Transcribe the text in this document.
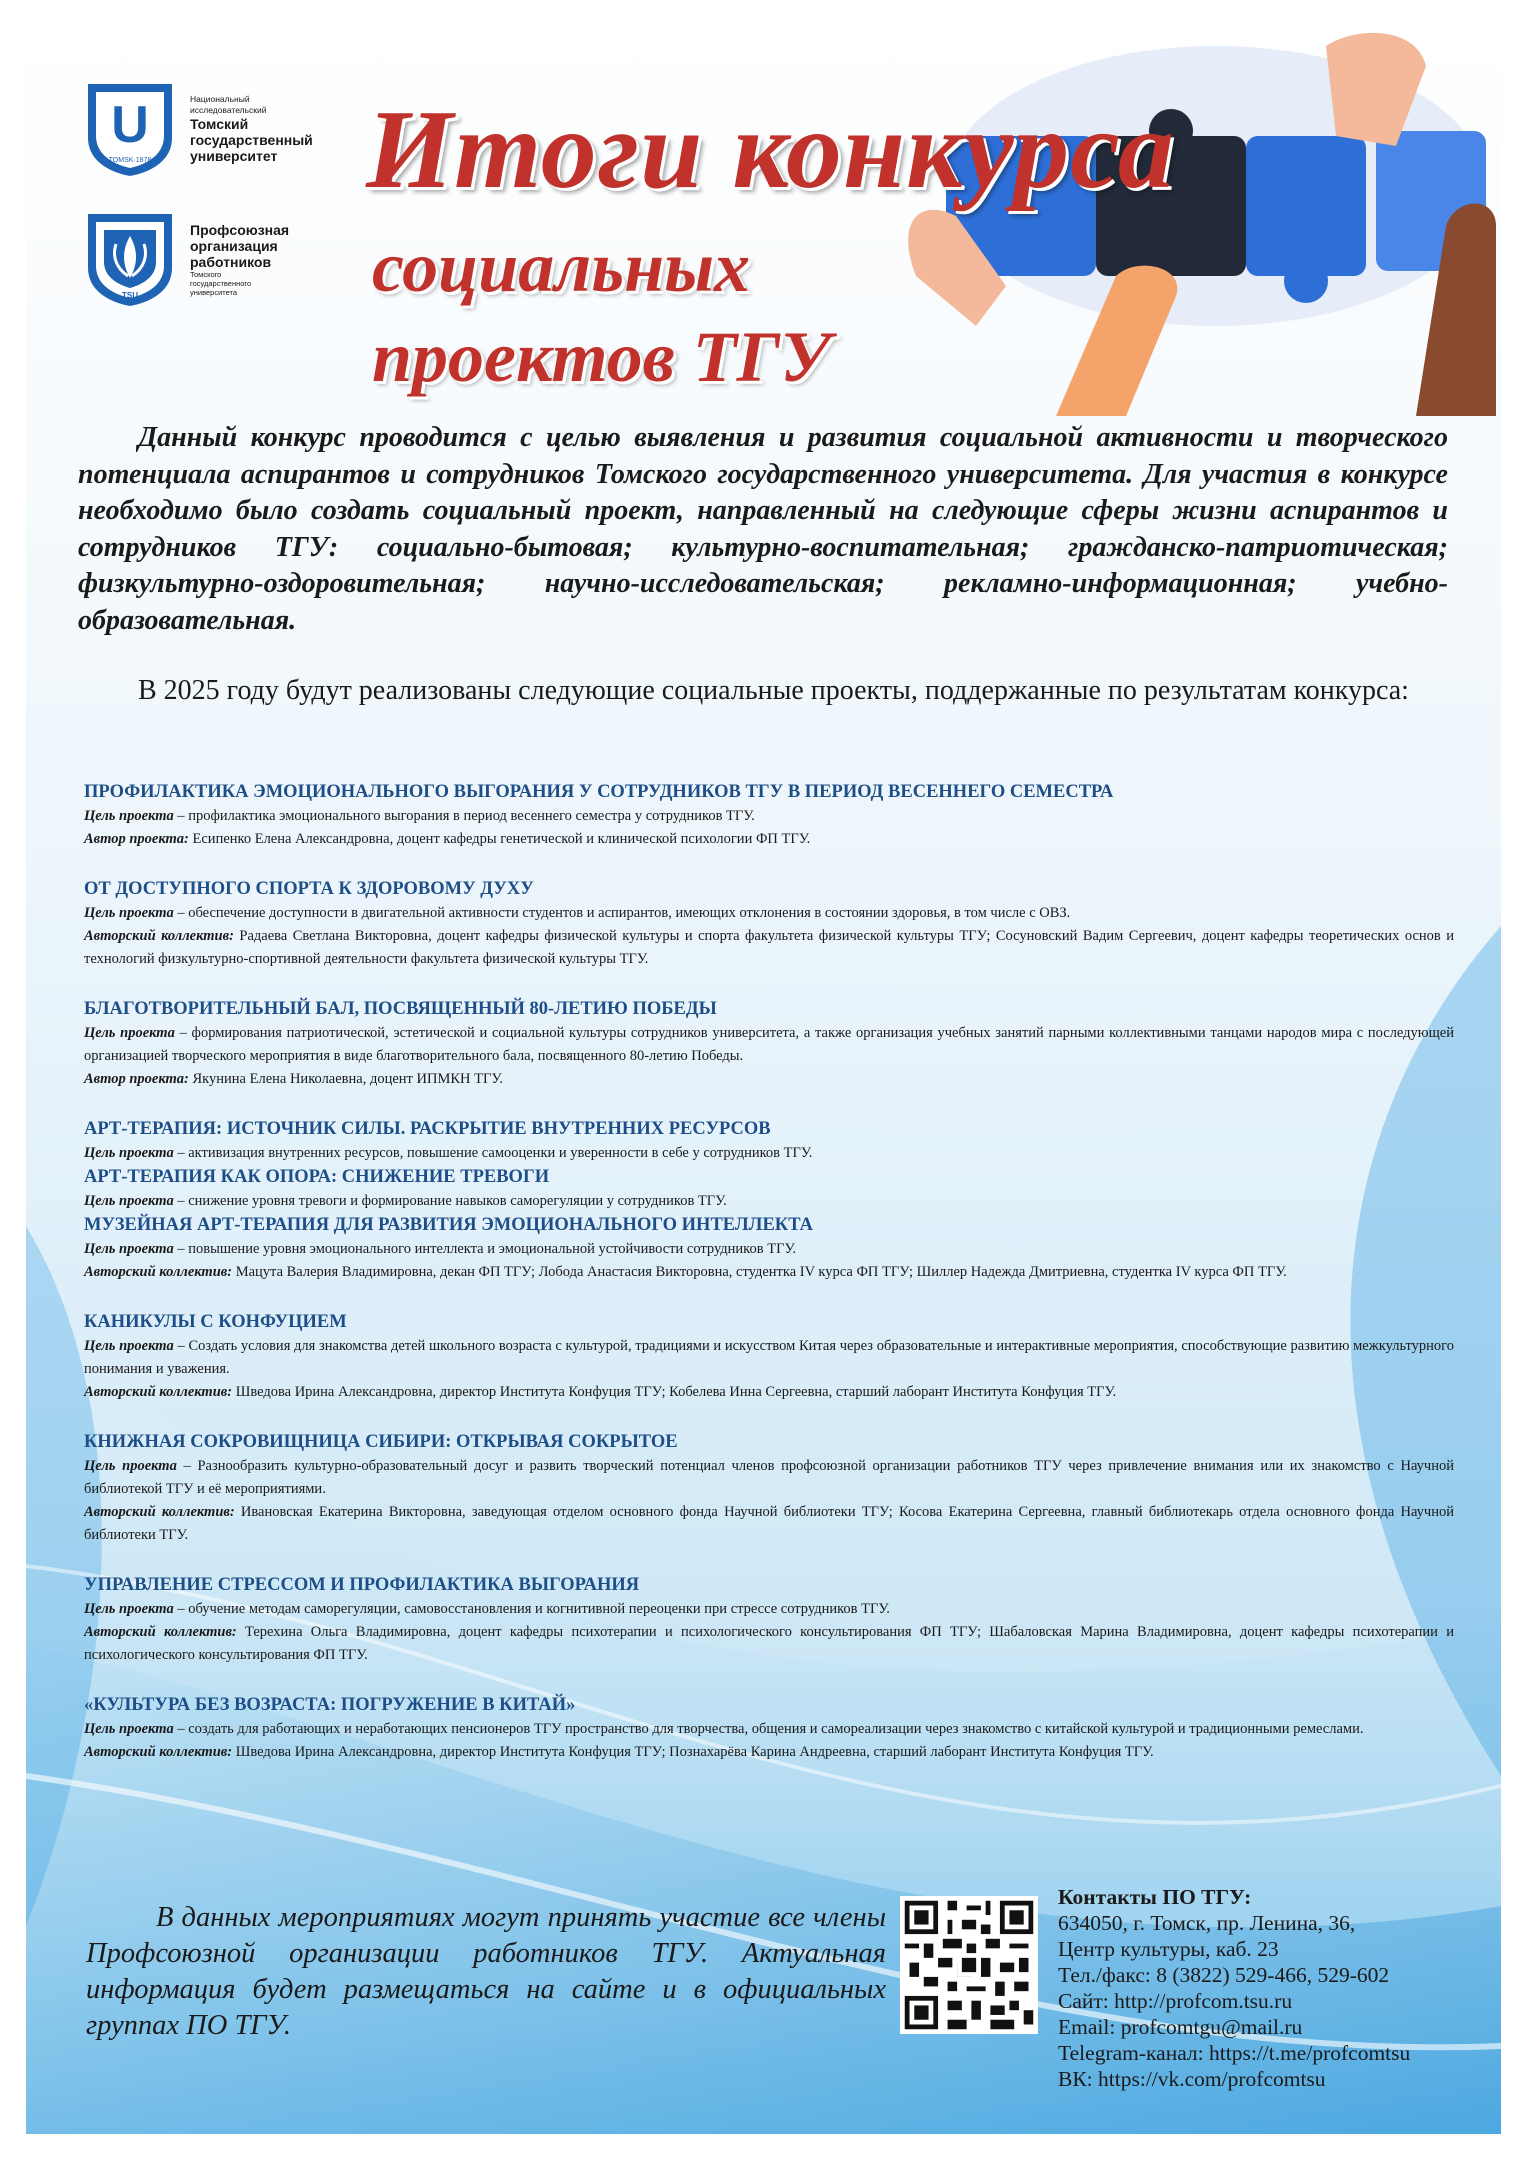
U
TOMSK·1878
Национальный
исследовательский
Томский
государственный
университет
TSU
Профсоюзная
организация
работников
Томского
государственного
университета
Итоги конкурса
социальных
проектов ТГУ

Данный конкурс проводится с целью выявления и развития социальной активности и творческого потенциала аспирантов и сотрудников Томского государственного университета. Для участия в конкурсе необходимо было создать социальный проект, направленный на следующие сферы жизни аспирантов и сотрудников ТГУ: социально-бытовая; культурно-воспитательная; гражданско-патриотическая; физкультурно-оздоровительная; научно-исследовательская; рекламно-информационная; учебно-образовательная.

В 2025 году будут реализованы следующие социальные проекты, поддержанные по результатам конкурса:

ПРОФИЛАКТИКА ЭМОЦИОНАЛЬНОГО ВЫГОРАНИЯ У СОТРУДНИКОВ ТГУ В ПЕРИОД ВЕСЕННЕГО СЕМЕСТРА

Цель проекта – профилактика эмоционального выгорания в период весеннего семестра у сотрудников ТГУ.

Автор проекта: Есипенко Елена Александровна, доцент кафедры генетической и клинической психологии ФП ТГУ.

ОТ ДОСТУПНОГО СПОРТА К ЗДОРОВОМУ ДУХУ

Цель проекта – обеспечение доступности в двигательной активности студентов и аспирантов, имеющих отклонения в состоянии здоровья, в том числе с ОВЗ.

Авторский коллектив: Радаева Светлана Викторовна, доцент кафедры физической культуры и спорта факультета физической культуры ТГУ; Сосуновский Вадим Сергеевич, доцент кафедры теоретических основ и технологий физкультурно-спортивной деятельности факультета физической культуры ТГУ.

БЛАГОТВОРИТЕЛЬНЫЙ БАЛ, ПОСВЯЩЕННЫЙ 80-ЛЕТИЮ ПОБЕДЫ

Цель проекта – формирования патриотической, эстетической и социальной культуры сотрудников университета, а также организация учебных занятий парными коллективными танцами народов мира с последующей организацией творческого мероприятия в виде благотворительного бала, посвященного 80-летию Победы.

Автор проекта: Якунина Елена Николаевна, доцент ИПМКН ТГУ.

АРТ-ТЕРАПИЯ: ИСТОЧНИК СИЛЫ. РАСКРЫТИЕ ВНУТРЕННИХ РЕСУРСОВ

Цель проекта – активизация внутренних ресурсов, повышение самооценки и уверенности в себе у сотрудников ТГУ.

АРТ-ТЕРАПИЯ КАК ОПОРА: СНИЖЕНИЕ ТРЕВОГИ

Цель проекта – снижение уровня тревоги и формирование навыков саморегуляции у сотрудников ТГУ.

МУЗЕЙНАЯ АРТ-ТЕРАПИЯ ДЛЯ РАЗВИТИЯ ЭМОЦИОНАЛЬНОГО ИНТЕЛЛЕКТА

Цель проекта – повышение уровня эмоционального интеллекта и эмоциональной устойчивости сотрудников ТГУ.

Авторский коллектив: Мацута Валерия Владимировна, декан ФП ТГУ; Лобода Анастасия Викторовна, студентка IV курса ФП ТГУ; Шиллер Надежда Дмитриевна, студентка IV курса ФП ТГУ.

КАНИКУЛЫ С КОНФУЦИЕМ

Цель проекта – Создать условия для знакомства детей школьного возраста с культурой, традициями и искусством Китая через образовательные и интерактивные мероприятия, способствующие развитию межкультурного понимания и уважения.

Авторский коллектив: Шведова Ирина Александровна, директор Института Конфуция ТГУ; Кобелева Инна Сергеевна, старший лаборант Института Конфуция ТГУ.

КНИЖНАЯ СОКРОВИЩНИЦА СИБИРИ: ОТКРЫВАЯ СОКРЫТОЕ

Цель проекта – Разнообразить культурно-образовательный досуг и развить творческий потенциал членов профсоюзной организации работников ТГУ через привлечение внимания или их знакомство с Научной библиотекой ТГУ и её мероприятиями.

Авторский коллектив: Ивановская Екатерина Викторовна, заведующая отделом основного фонда Научной библиотеки ТГУ; Косова Екатерина Сергеевна, главный библиотекарь отдела основного фонда Научной библиотеки ТГУ.

УПРАВЛЕНИЕ СТРЕССОМ И ПРОФИЛАКТИКА ВЫГОРАНИЯ

Цель проекта – обучение методам саморегуляции, самовосстановления и когнитивной переоценки при стрессе сотрудников ТГУ.

Авторский коллектив: Терехина Ольга Владимировна, доцент кафедры психотерапии и психологического консультирования ФП ТГУ; Шабаловская Марина Владимировна, доцент кафедры психотерапии и психологического консультирования ФП ТГУ.

«КУЛЬТУРА БЕЗ ВОЗРАСТА: ПОГРУЖЕНИЕ В КИТАЙ»

Цель проекта – создать для работающих и неработающих пенсионеров ТГУ пространство для творчества, общения и самореализации через знакомство с китайской культурой и традиционными ремеслами.

Авторский коллектив: Шведова Ирина Александровна, директор Института Конфуция ТГУ; Познахарёва Карина Андреевна, старший лаборант Института Конфуция ТГУ.

В данных мероприятиях могут принять участие все члены Профсоюзной организации работников ТГУ. Актуальная информация будет размещаться на сайте и в официальных группах ПО ТГУ.

Контакты ПО ТГУ:
634050, г. Томск, пр. Ленина, 36,
Центр культуры, каб. 23
Тел./факс: 8 (3822) 529-466, 529-602
Сайт: http://profcom.tsu.ru
Email: profcomtgu@mail.ru
Telegram-канал: https://t.me/profcomtsu
ВК: https://vk.com/profcomtsu
